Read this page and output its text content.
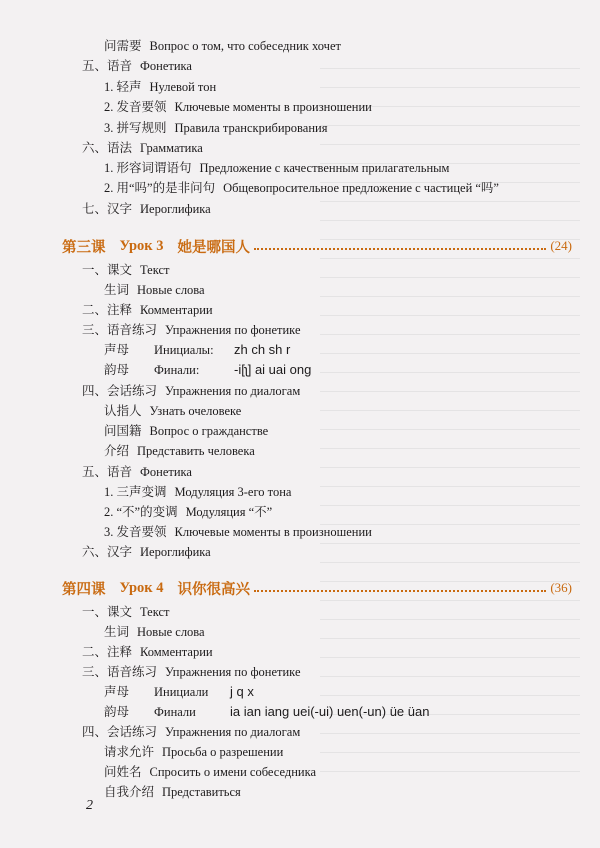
问需要 Вопрос о том, что собеседник хочет
五、语音 Фонетика
1. 轻声 Нулевой тон
2. 发音要领 Ключевые моменты в произношении
3. 拼写规则 Правила транскрибирования
六、语法 Грамматика
1. 形容词谓语句 Предложение с качественным прилагательным
2. 用“吗”的是非问句 Общевопросительное предложение с частицей “吗”
七、汉字 Иероглифика
第三课 Урок 3 她是哪国人	(24)
一、课文 Текст
生词 Новые слова
二、注释 Комментарии
三、语音练习 Упражнения по фонетике
声母 Инициалы: zh ch sh r
韵母 Финали:	-i[ʅ] ai uai ong
四、会话练习 Упражнения по диалогам
认指人 Узнать очеловеке
问国籍 Вопрос о гражданстве
介绍 Представить человека
五、语音 Фонетика
1. 三声变调 Модуляция 3-его тона
2. “不”的变调 Модуляция “不”
3. 发音要领 Ключевые моменты в произношении
六、汉字 Иероглифика
第四课 Урок 4 识你很高兴	(36)
一、课文 Текст
生词 Новые слова
二、注释 Комментарии
三、语音练习 Упражнения по фонетике
声母 Инициали j q x
韵母 Финали	ia ian iang uei(-ui) uen(-un) üe üan
四、会话练习 Упражнения по диалогам
请求允许 Просьба о разрешении
问姓名 Спросить о имени собеседника
自我介绍 Представиться
2
